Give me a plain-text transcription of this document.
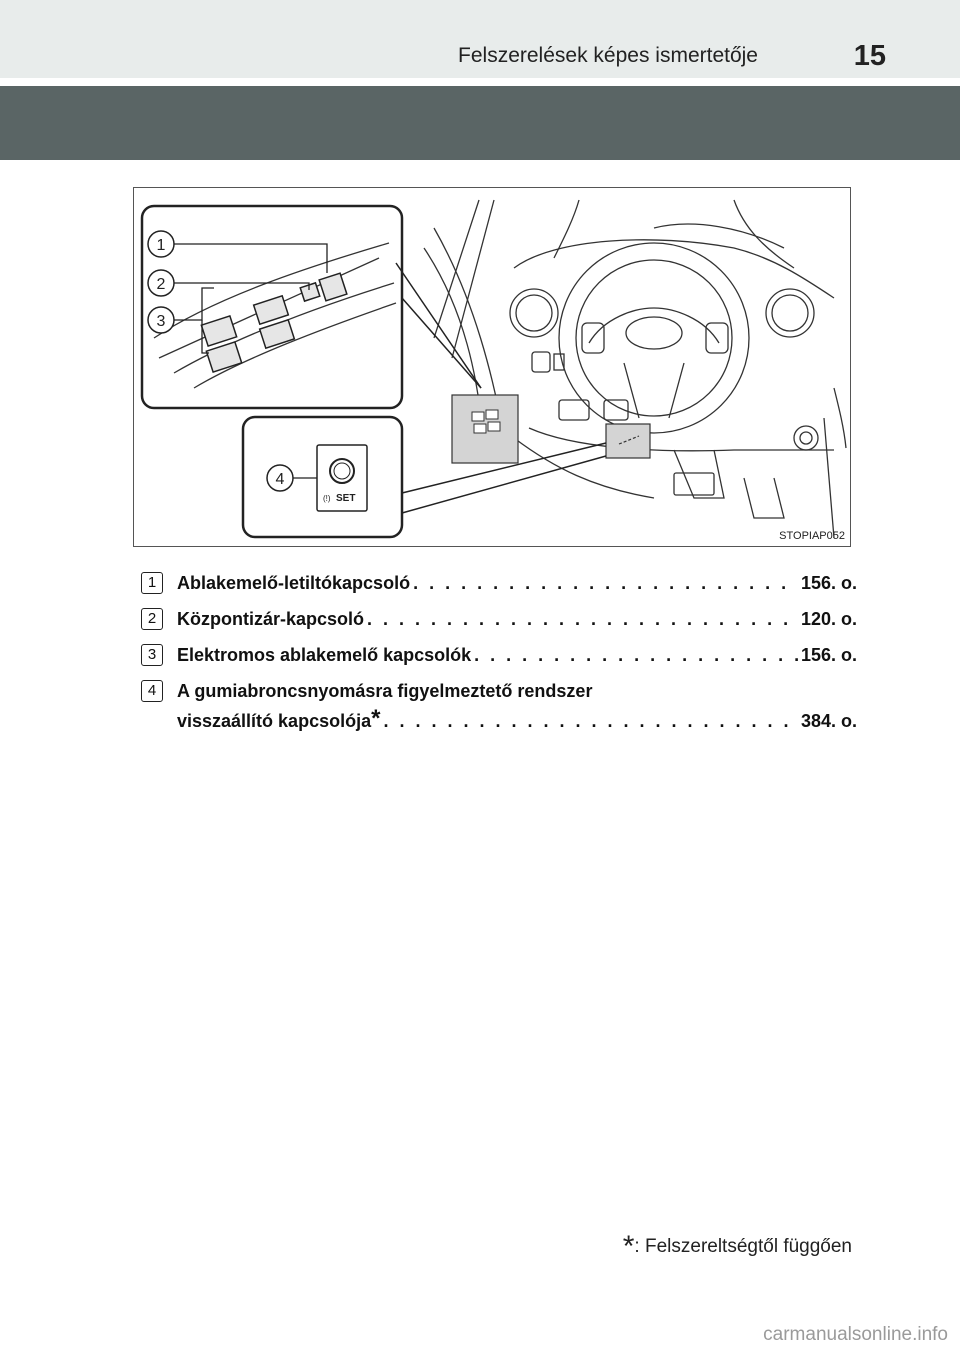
Felszerelések képes ismertetője	15
1
2
3
(!) SET
4
STOPIAP052
1	Ablakemelő-letiltókapcsoló . . .	156. o.
2	Központizár-kapcsoló . . .	120. o.
3	Elektromos ablakemelő kapcsolók . . .	156. o.
4	A gumiabroncsnyomásra figyelmeztető rendszer
visszaállító kapcsolója* . . .	384. o.
*: Felszereltségtől függően
carmanualsonline.info
